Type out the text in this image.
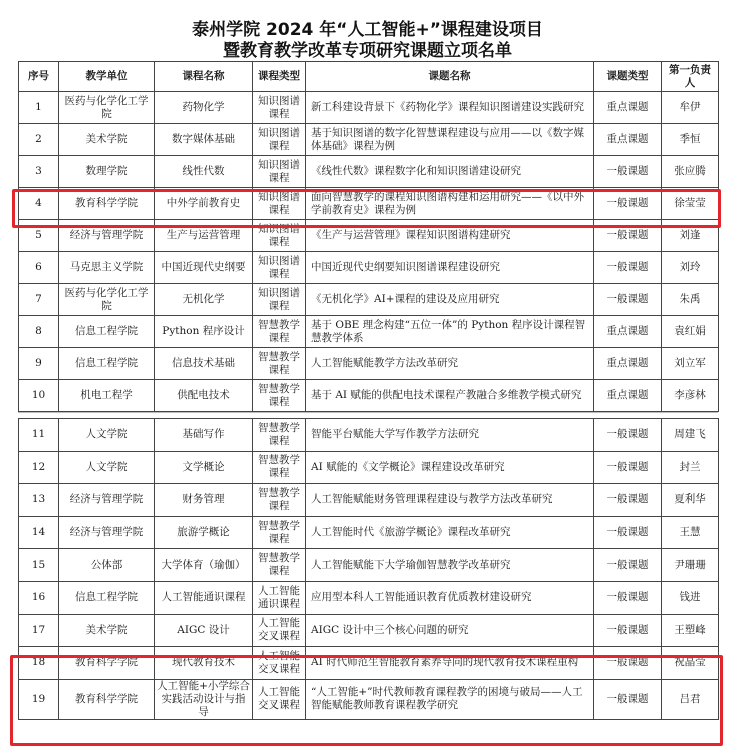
泰州学院 2024 年“人工智能+”课程建设项目
暨教育教学改革专项研究课题立项名单
序号	教学单位	课程名称	课程类型	课题名称	课题类型	第一负责人
1	医药与化学化工学院	药物化学	知识图谱课程	新工科建设背景下《药物化学》课程知识图谱建设实践研究	重点课题	牟伊
2	美术学院	数字媒体基础	知识图谱课程	基于知识图谱的数字化智慧课程建设与应用——以《数字媒体基础》课程为例	重点课题	季恒
3	数理学院	线性代数	知识图谱课程	《线性代数》课程数字化和知识图谱建设研究	一般课题	张应腾
4	教育科学学院	中外学前教育史	知识图谱课程	面向智慧教学的课程知识图谱构建和运用研究——《以中外学前教育史》课程为例	一般课题	徐莹莹
5	经济与管理学院	生产与运营管理	知识图谱课程	《生产与运营管理》课程知识图谱构建研究	一般课题	刘逢
6	马克思主义学院	中国近现代史纲要	知识图谱课程	中国近现代史纲要知识图谱课程建设研究	一般课题	刘玲
7	医药与化学化工学院	无机化学	知识图谱课程	《无机化学》AI+课程的建设及应用研究	一般课题	朱禹
8	信息工程学院	Python 程序设计	智慧教学课程	基于 OBE 理念构建“五位一体”的 Python 程序设计课程智慧教学体系	重点课题	袁红娟
9	信息工程学院	信息技术基础	智慧教学课程	人工智能赋能教学方法改革研究	重点课题	刘立军
10	机电工程学	供配电技术	智慧教学课程	基于 AI 赋能的供配电技术课程产教融合多维教学模式研究	重点课题	李彦林
11	人文学院	基础写作	智慧教学课程	智能平台赋能大学写作教学方法研究	一般课题	周建飞
12	人文学院	文学概论	智慧教学课程	AI 赋能的《文学概论》课程建设改革研究	一般课题	封兰
13	经济与管理学院	财务管理	智慧教学课程	人工智能赋能财务管理课程建设与教学方法改革研究	一般课题	夏利华
14	经济与管理学院	旅游学概论	智慧教学课程	人工智能时代《旅游学概论》课程改革研究	一般课题	王慧
15	公体部	大学体育（瑜伽）	智慧教学课程	人工智能赋能下大学瑜伽智慧教学改革研究	一般课题	尹珊珊
16	信息工程学院	人工智能通识课程	人工智能通识课程	应用型本科人工智能通识教育优质教材建设研究	一般课题	钱进
17	美术学院	AIGC 设计	人工智能交叉课程	AIGC 设计中三个核心问题的研究	一般课题	王塑峰
18	教育科学学院	现代教育技术	人工智能交叉课程	AI 时代师范生智能教育素养导向的现代教育技术课程重构	一般课题	祝晶莹
19	教育科学学院	人工智能+小学综合实践活动设计与指导	人工智能交叉课程	“人工智能+”时代教师教育课程教学的困境与破局——人工智能赋能教师教育课程教学研究	一般课题	吕君
